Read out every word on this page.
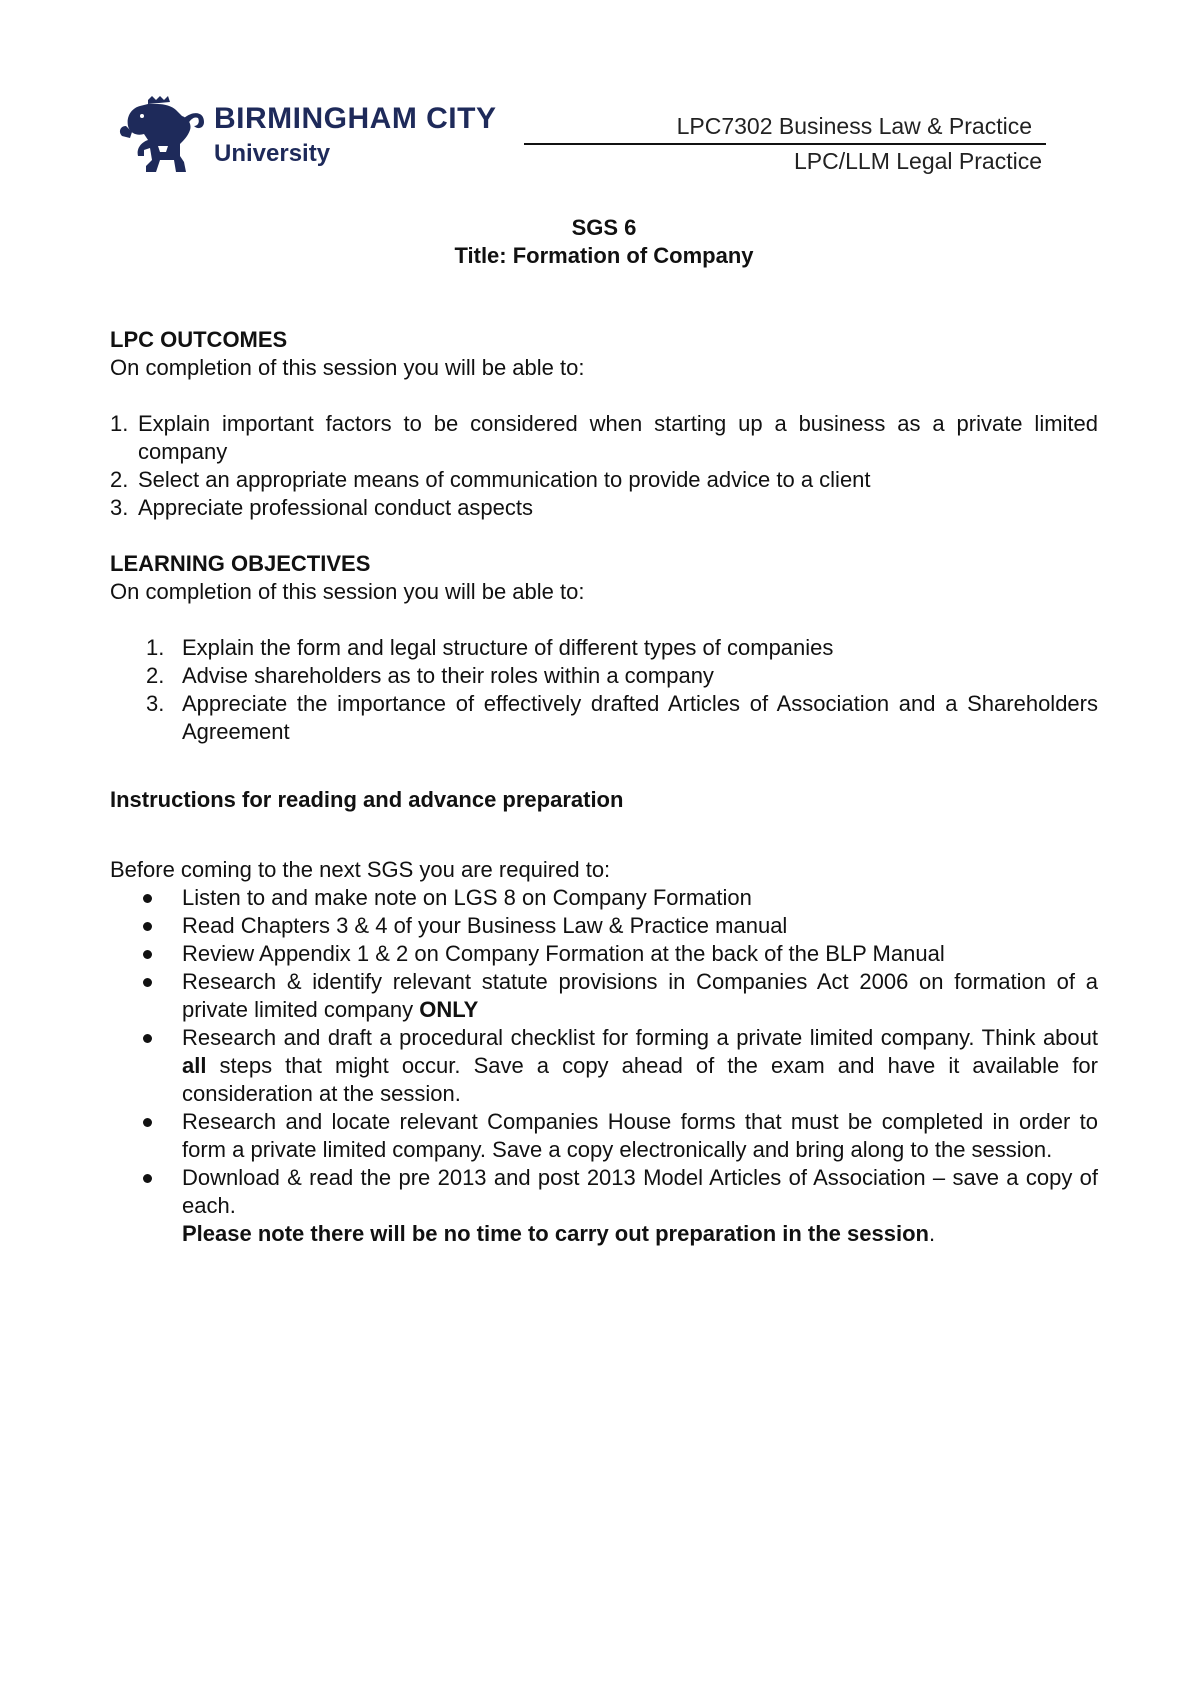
BIRMINGHAM CITY
University
LPC7302 Business Law & Practice
LPC/LLM Legal Practice
SGS 6
Title: Formation of Company
LPC OUTCOMES

On completion of this session you will be able to:

1. Explain important factors to be considered when starting up a business as a private limited company
2. Select an appropriate means of communication to provide advice to a client
3. Appreciate professional conduct aspects
LEARNING OBJECTIVES

On completion of this session you will be able to:

1. Explain the form and legal structure of different types of companies
2. Advise shareholders as to their roles within a company
3. Appreciate the importance of effectively drafted Articles of Association and a Shareholders Agreement
Instructions for reading and advance preparation

Before coming to the next SGS you are required to:

Listen to and make note on LGS 8 on Company Formation
Read Chapters 3 & 4 of your Business Law & Practice manual
Review Appendix 1 & 2 on Company Formation at the back of the BLP Manual
Research & identify relevant statute provisions in Companies Act 2006 on formation of a private limited company ONLY
Research and draft a procedural checklist for forming a private limited company. Think about all steps that might occur. Save a copy ahead of the exam and have it available for consideration at the session.
Research and locate relevant Companies House forms that must be completed in order to form a private limited company. Save a copy electronically and bring along to the session.
Download & read the pre 2013 and post 2013 Model Articles of Association – save a copy of each.
Please note there will be no time to carry out preparation in the session.
